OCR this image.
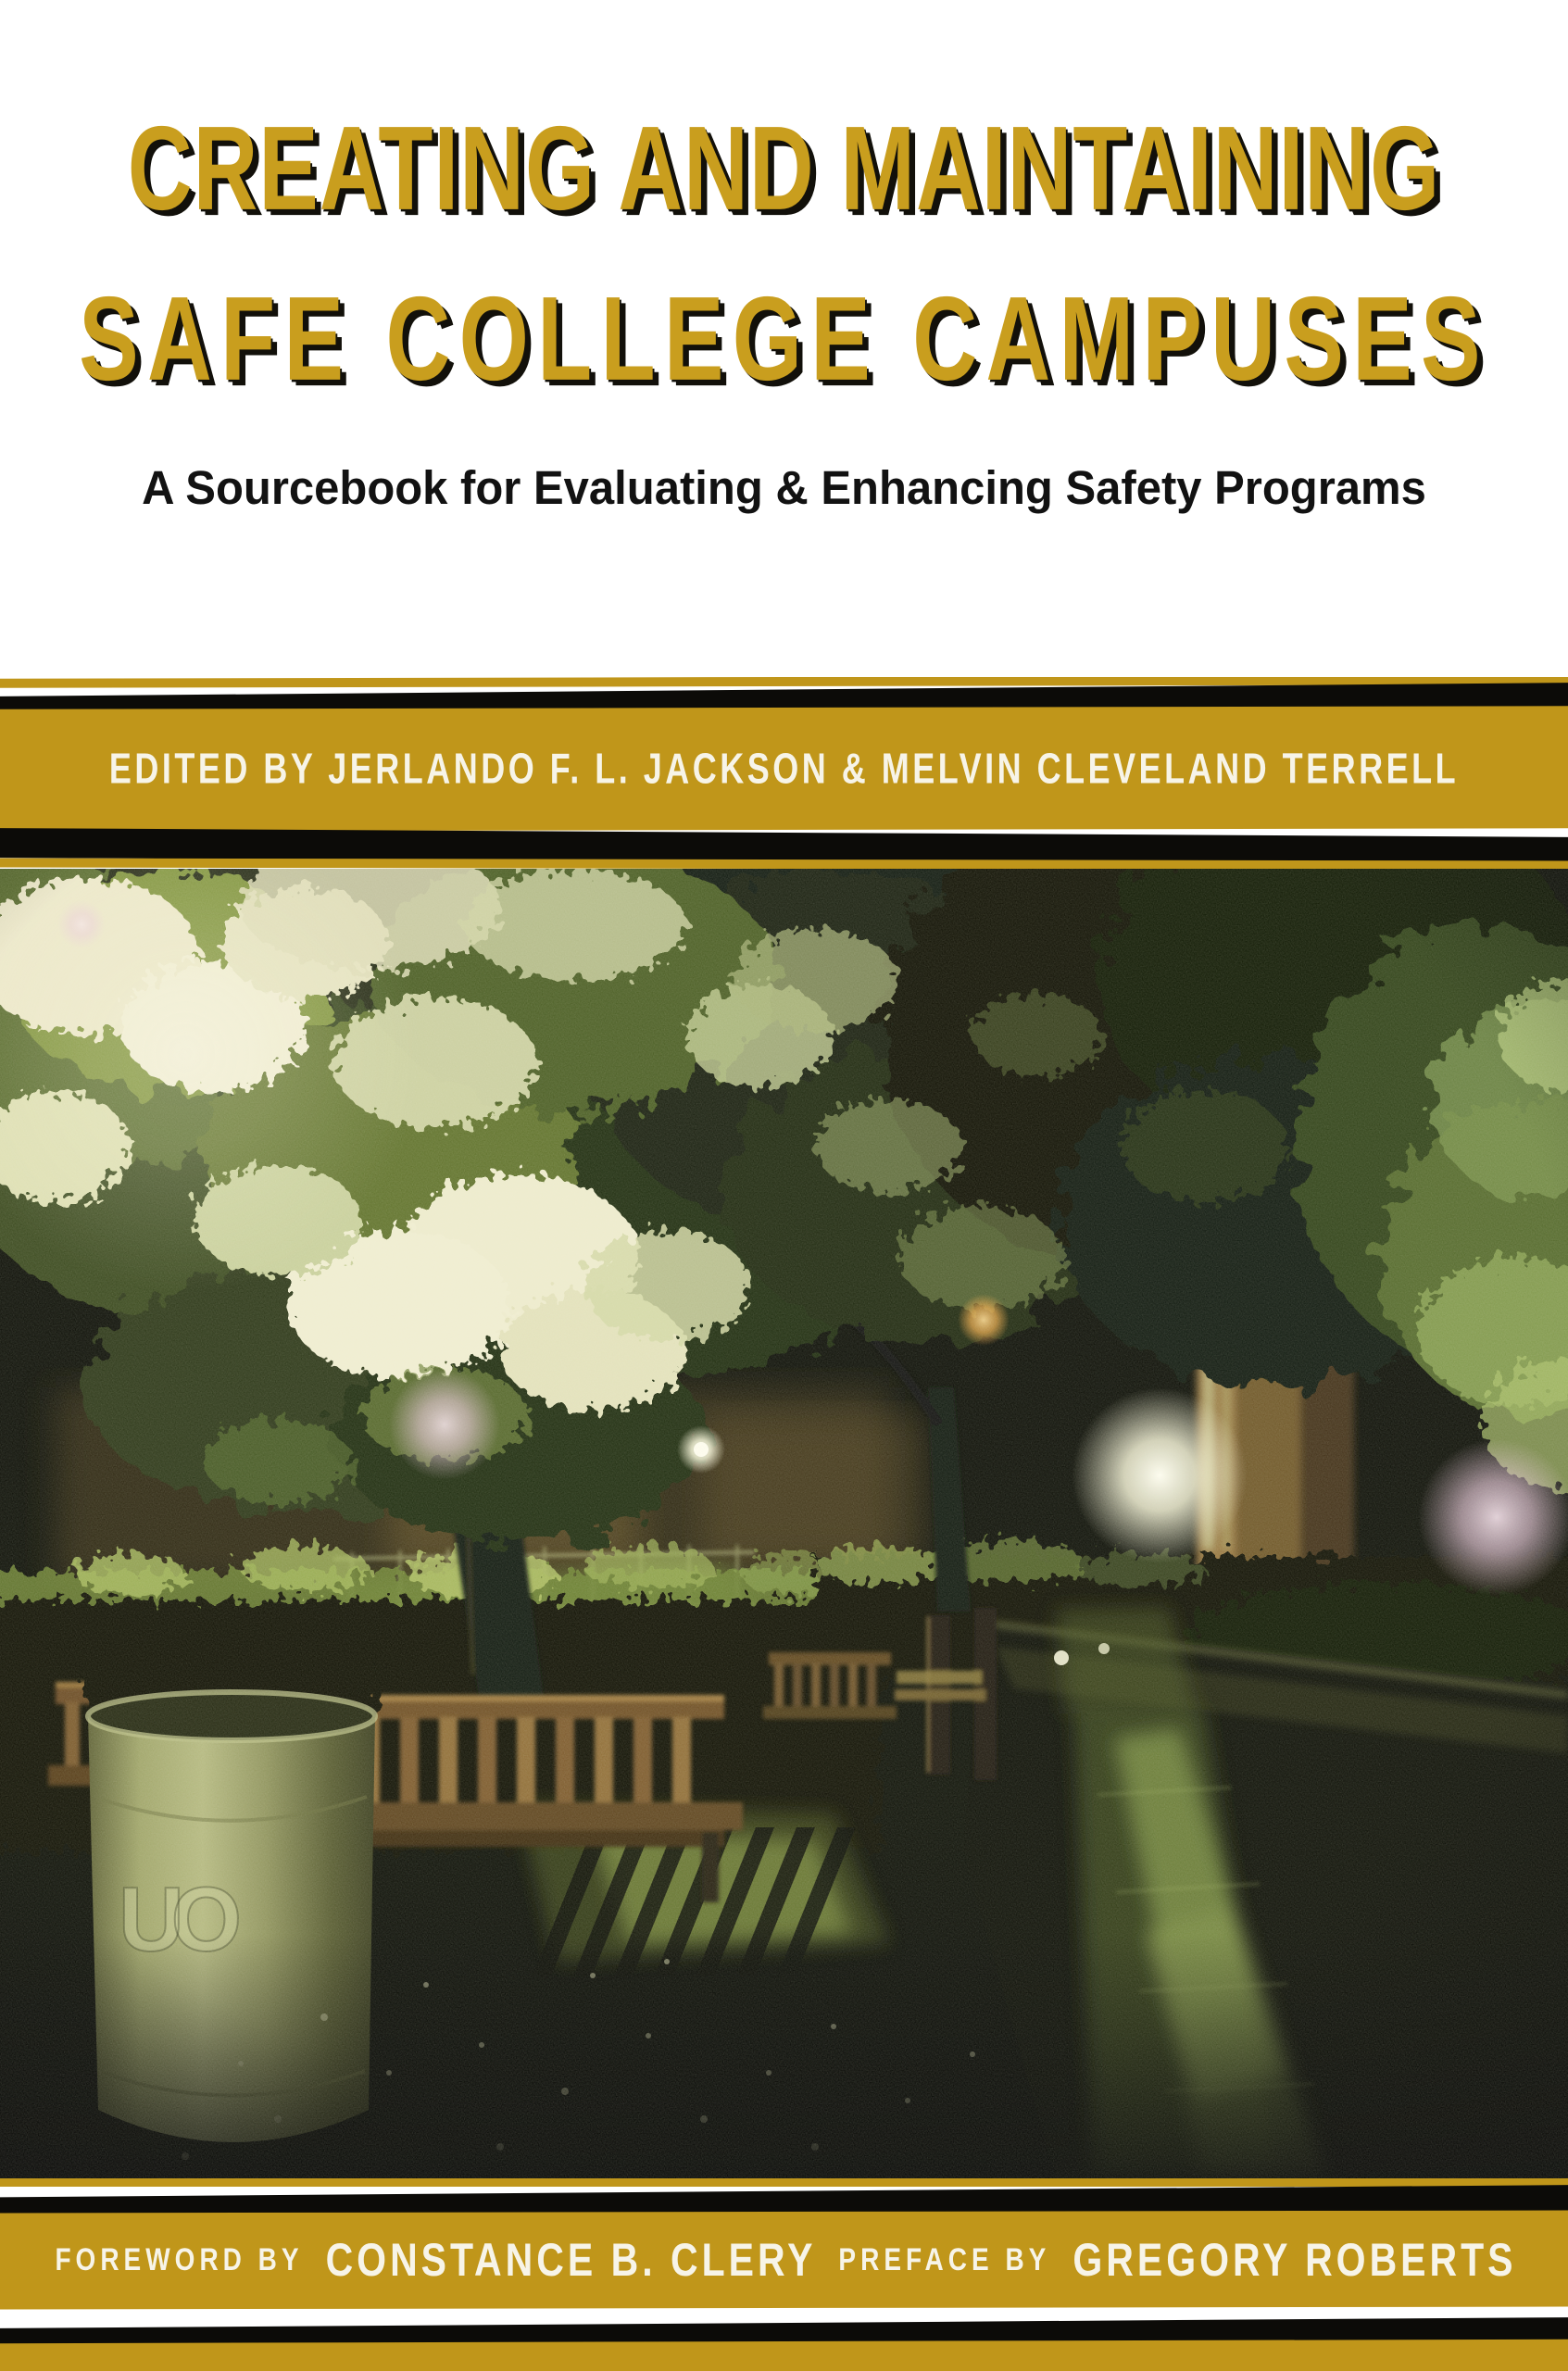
CREATING AND MAINTAINING
SAFE COLLEGE CAMPUSES
A Sourcebook for Evaluating & Enhancing Safety Programs
EDITED BY JERLANDO F. L. JACKSON & MELVIN CLEVELAND TERRELL
FOREWORD BY CONSTANCE B. CLERY PREFACE BY GREGORY ROBERTS
